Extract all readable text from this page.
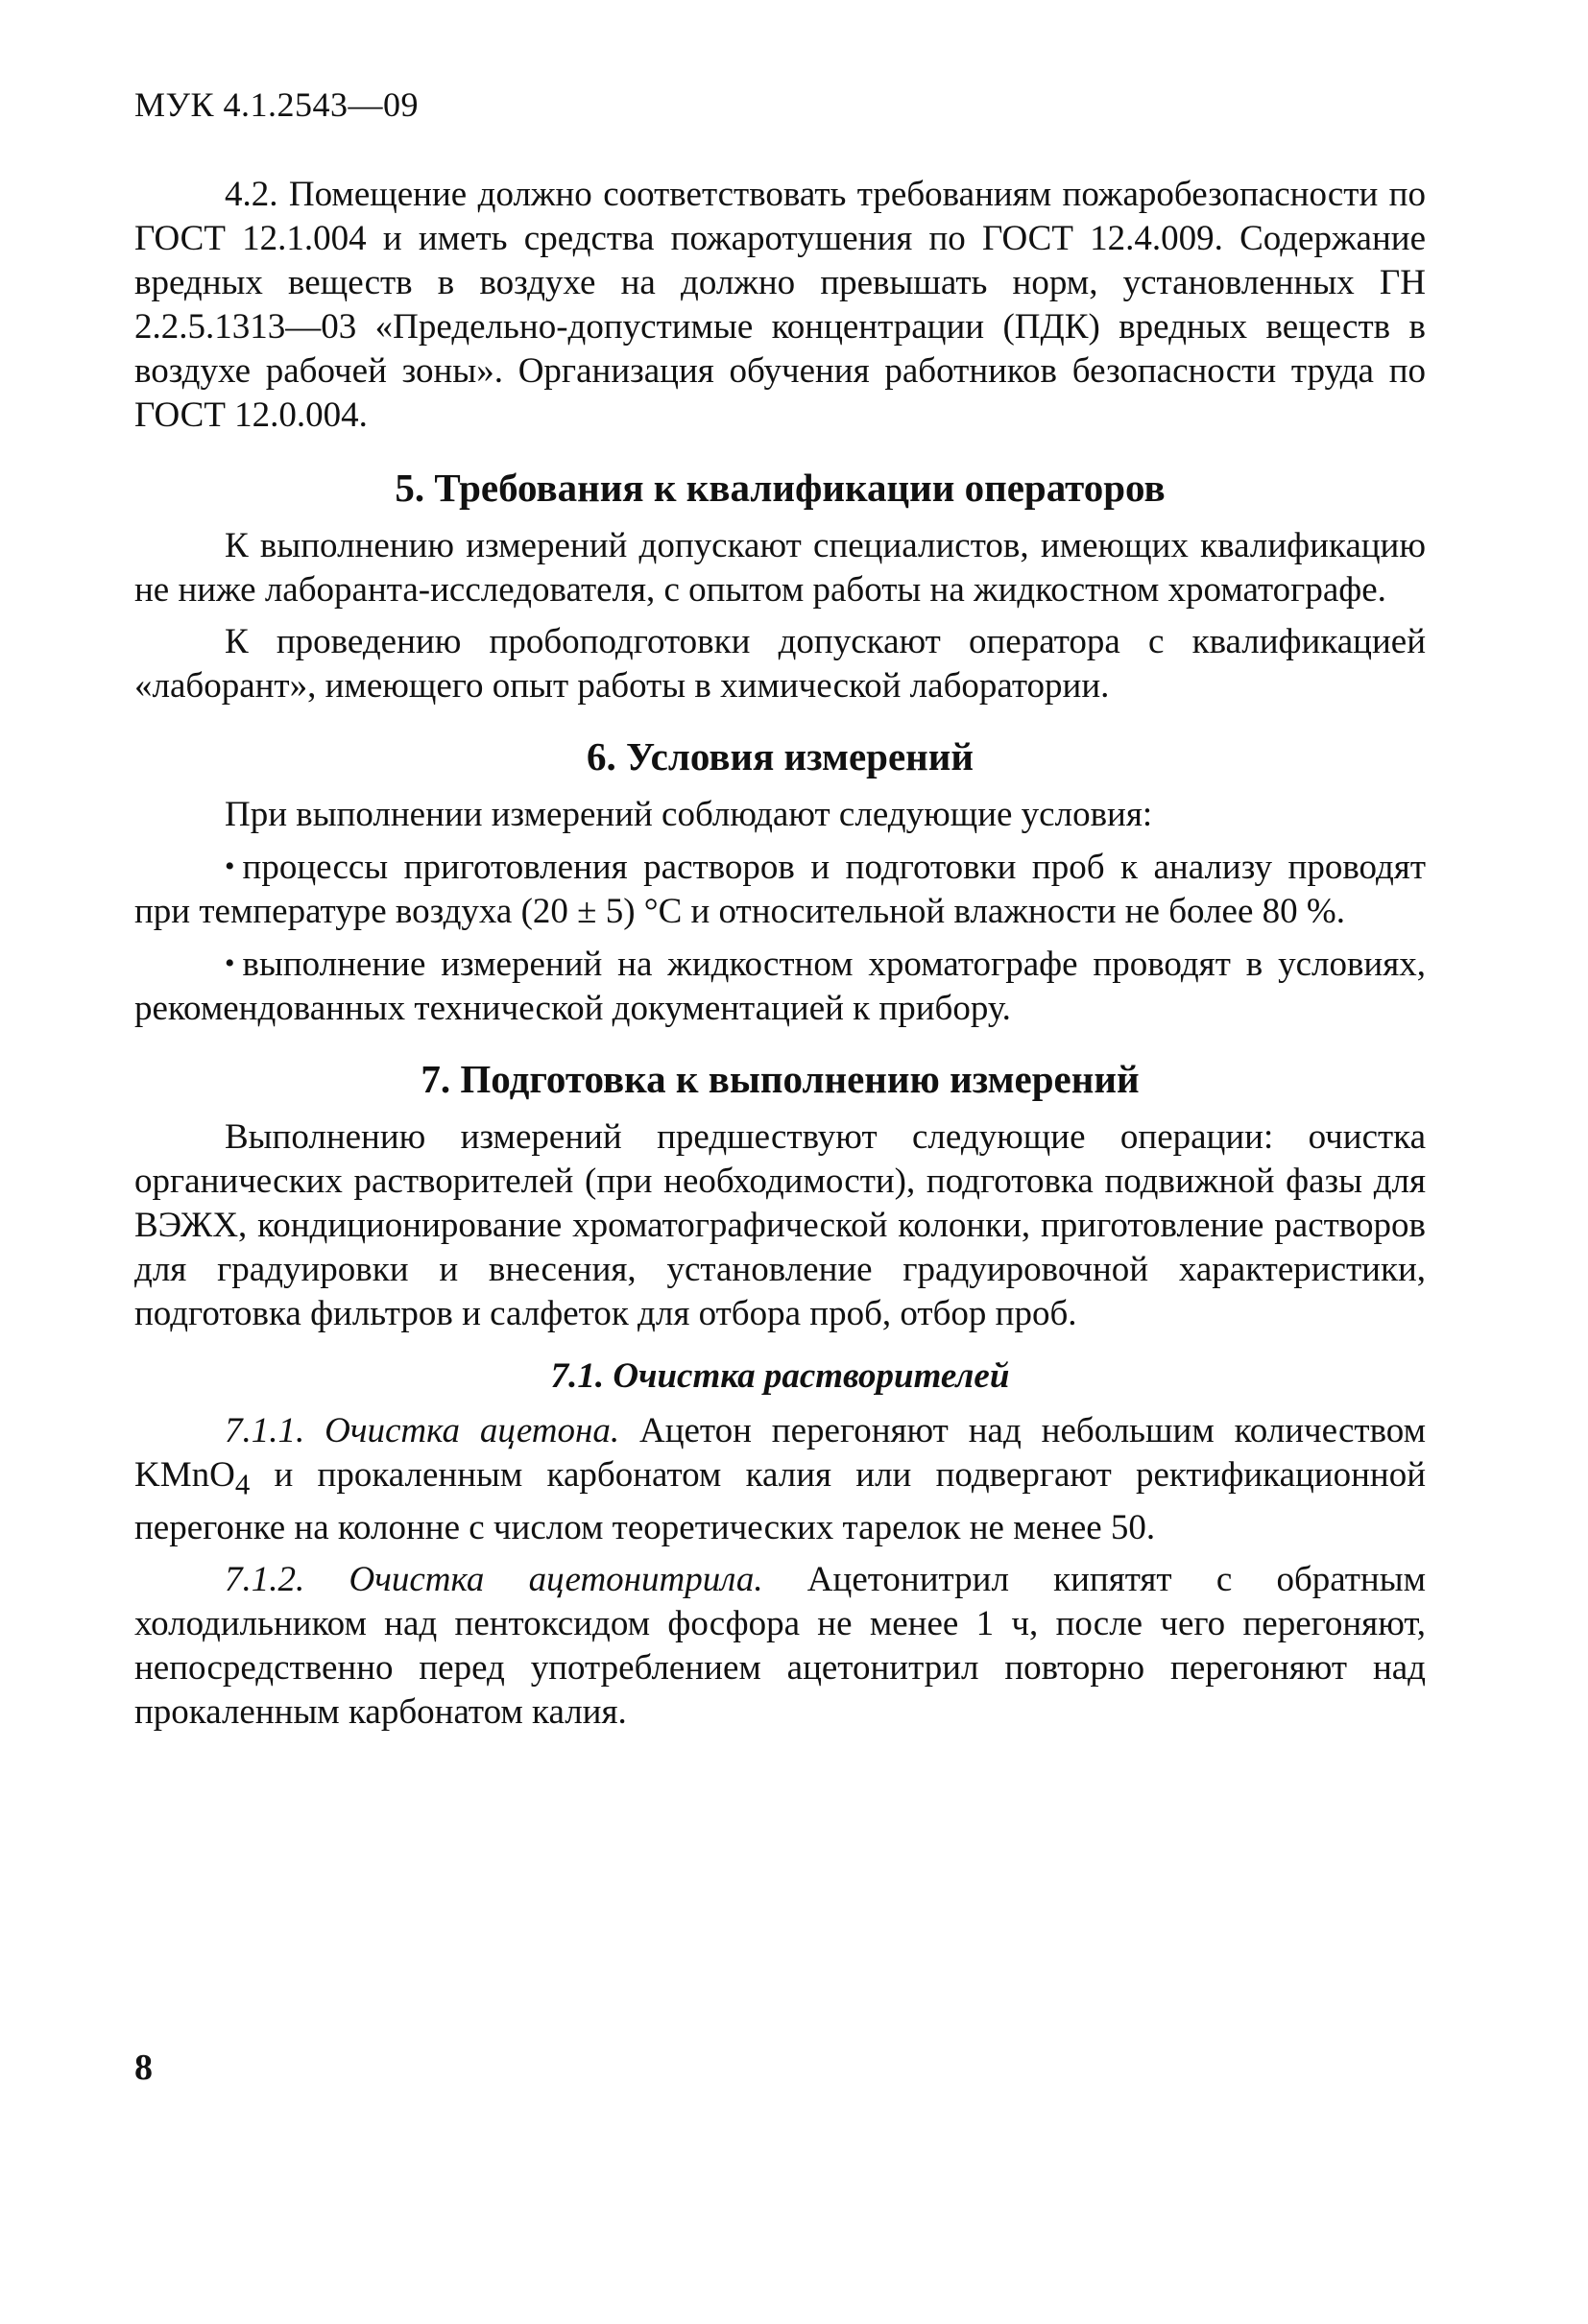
МУК 4.1.2543—09

4.2. Помещение должно соответствовать требованиям пожаробезопасности по ГОСТ 12.1.004 и иметь средства пожаротушения по ГОСТ 12.4.009. Содержание вредных веществ в воздухе на должно превышать норм, установленных ГН 2.2.5.1313—03 «Предельно-допустимые концентрации (ПДК) вредных веществ в воздухе рабочей зоны». Организация обучения работников безопасности труда по ГОСТ 12.0.004.

5. Требования к квалификации операторов

К выполнению измерений допускают специалистов, имеющих квалификацию не ниже лаборанта-исследователя, с опытом работы на жидкостном хроматографе.

К проведению пробоподготовки допускают оператора с квалификацией «лаборант», имеющего опыт работы в химической лаборатории.

6. Условия измерений

При выполнении измерений соблюдают следующие условия:

• процессы приготовления растворов и подготовки проб к анализу проводят при температуре воздуха (20 ± 5) °С и относительной влажности не более 80 %.

• выполнение измерений на жидкостном хроматографе проводят в условиях, рекомендованных технической документацией к прибору.

7. Подготовка к выполнению измерений

Выполнению измерений предшествуют следующие операции: очистка органических растворителей (при необходимости), подготовка подвижной фазы для ВЭЖХ, кондиционирование хроматографической колонки, приготовление растворов для градуировки и внесения, установление градуировочной характеристики, подготовка фильтров и салфеток для отбора проб, отбор проб.

7.1. Очистка растворителей

7.1.1. Очистка ацетона. Ацетон перегоняют над небольшим количеством KMnO$_4$ и прокаленным карбонатом калия или подвергают ректификационной перегонке на колонне с числом теоретических тарелок не менее 50.

7.1.2. Очистка ацетонитрила. Ацетонитрил кипятят с обратным холодильником над пентоксидом фосфора не менее 1 ч, после чего перегоняют, непосредственно перед употреблением ацетонитрил повторно перегоняют над прокаленным карбонатом калия.

8
